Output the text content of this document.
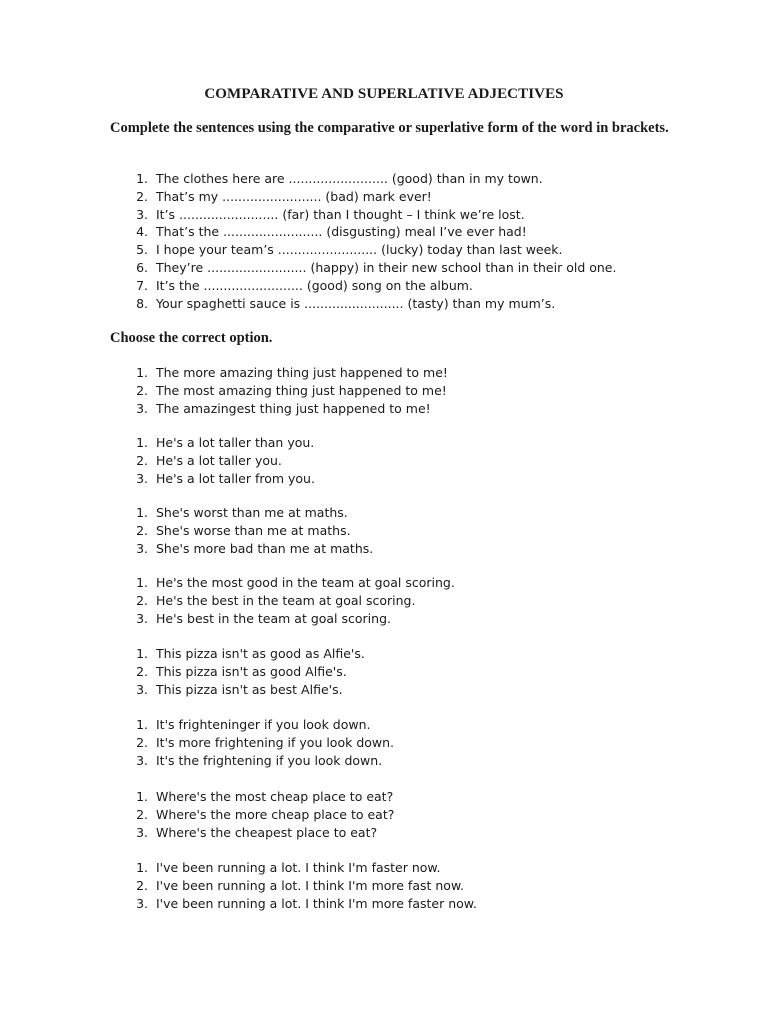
COMPARATIVE AND SUPERLATIVE ADJECTIVES

Complete the sentences using the comparative or superlative form of the word in brackets.

1. The clothes here are ......................... (good) than in my town.
2. That’s my ......................... (bad) mark ever!
3. It’s ......................... (far) than I thought – I think we’re lost.
4. That’s the ......................... (disgusting) meal I’ve ever had!
5. I hope your team’s ......................... (lucky) today than last week.
6. They’re ......................... (happy) in their new school than in their old one.
7. It’s the ......................... (good) song on the album.
8. Your spaghetti sauce is ......................... (tasty) than my mum’s.

Choose the correct option.

1. The more amazing thing just happened to me!
2. The most amazing thing just happened to me!
3. The amazingest thing just happened to me!
1. He's a lot taller than you.
2. He's a lot taller you.
3. He's a lot taller from you.
1. She's worst than me at maths.
2. She's worse than me at maths.
3. She's more bad than me at maths.
1. He's the most good in the team at goal scoring.
2. He's the best in the team at goal scoring.
3. He's best in the team at goal scoring.
1. This pizza isn't as good as Alfie's.
2. This pizza isn't as good Alfie's.
3. This pizza isn't as best Alfie's.
1. It's frighteninger if you look down.
2. It's more frightening if you look down.
3. It's the frightening if you look down.
1. Where's the most cheap place to eat?
2. Where's the more cheap place to eat?
3. Where's the cheapest place to eat?
1. I've been running a lot. I think I'm faster now.
2. I've been running a lot. I think I'm more fast now.
3. I've been running a lot. I think I'm more faster now.
